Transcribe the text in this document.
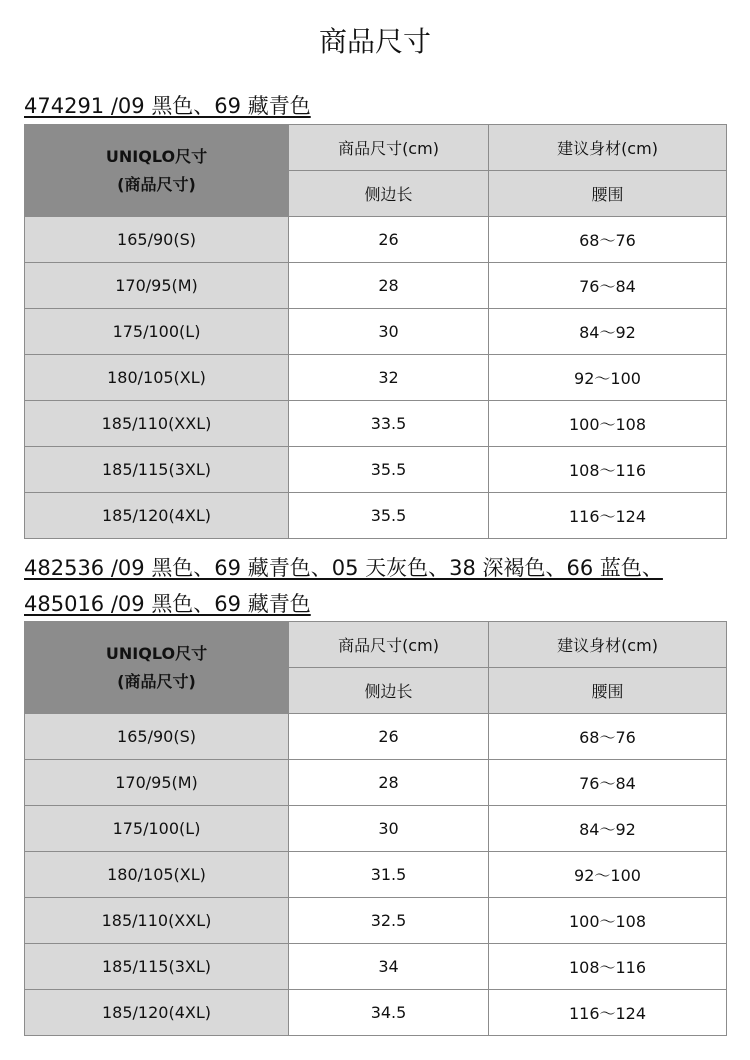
商品尺寸
474291 /09 黑色、69 藏青色
UNIQLO尺寸
(商品尺寸)	商品尺寸(cm)	建议身材(cm)
	侧边长	腰围
165/90(S)	26	68～76
170/95(M)	28	76～84
175/100(L)	30	84～92
180/105(XL)	32	92～100
185/110(XXL)	33.5	100～108
185/115(3XL)	35.5	108～116
185/120(4XL)	35.5	116～124
482536 /09 黑色、69 藏青色、05 天灰色、38 深褐色、66 蓝色、
485016 /09 黑色、69 藏青色
UNIQLO尺寸
(商品尺寸)	商品尺寸(cm)	建议身材(cm)
	侧边长	腰围
165/90(S)	26	68～76
170/95(M)	28	76～84
175/100(L)	30	84～92
180/105(XL)	31.5	92～100
185/110(XXL)	32.5	100～108
185/115(3XL)	34	108～116
185/120(4XL)	34.5	116～124
